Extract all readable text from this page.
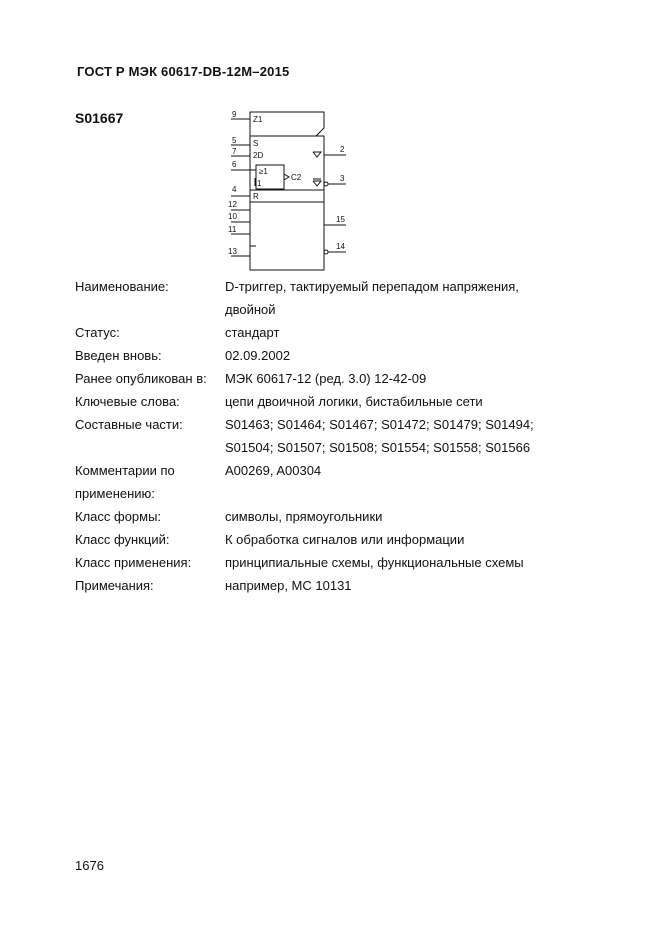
ГОСТ Р МЭК 60617-DB-12M–2015
S01667	9
5
7
6
4
12
10
11
13
2
3
15
14
Z1
S
2D
≥1
1
C2
R
Наименование:	D-триггер, тактируемый перепадом напряжения,
двойной

Статус:	стандарт
Введен вновь:	02.09.2002
Ранее опубликован в:	МЭК 60617-12 (ред. 3.0) 12-42-09
Ключевые слова:	цепи двоичной логики, бистабильные сети
Составные части:	S01463; S01464; S01467; S01472; S01479; S01494;
S01504; S01507; S01508; S01554; S01558; S01566

Комментарии по	A00269, A00304
применению:	
Класс формы:	символы, прямоугольники
Класс функций:	К обработка сигналов или информации
Класс применения:	принципиальные схемы, функциональные схемы
Примечания:	например, МС 10131
1676
